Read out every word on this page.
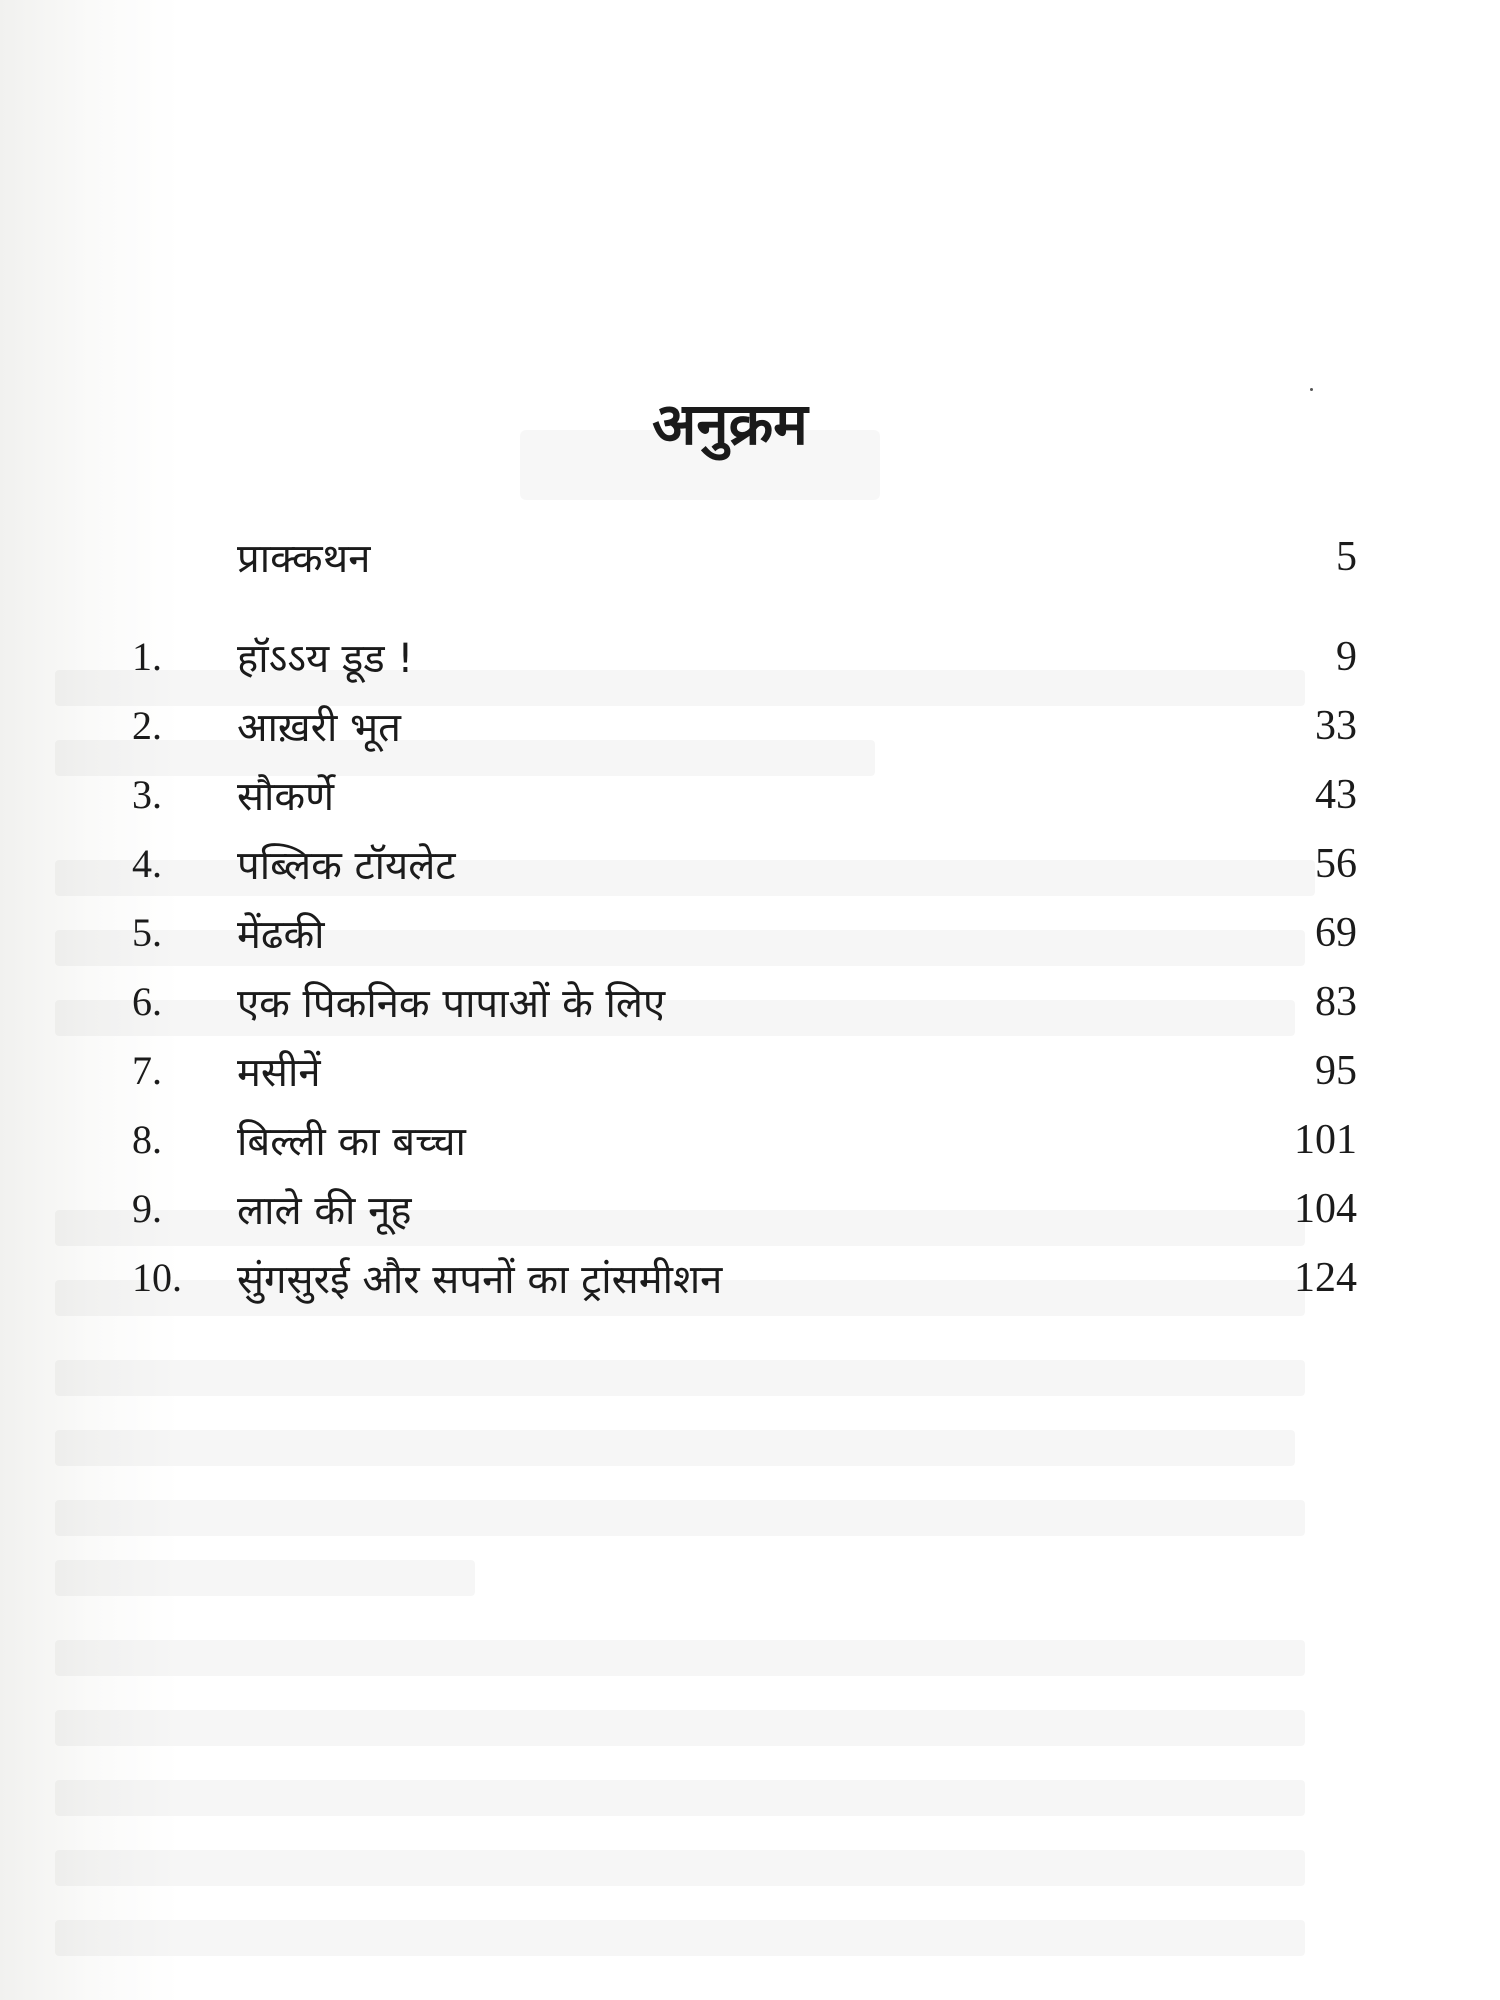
अनुक्रम
प्राक्कथन	5
1.	हॉऽऽय डूड !	9
2.	आख़री भूत	33
3.	सौकर्णे	43
4.	पब्लिक टॉयलेट	56
5.	मेंढकी	69
6.	एक पिकनिक पापाओं के लिए	83
7.	मसीनें	95
8.	बिल्ली का बच्चा	101
9.	लाले की नूह	104
10.	सुंगसुरई और सपनों का ट्रांसमीशन	124
